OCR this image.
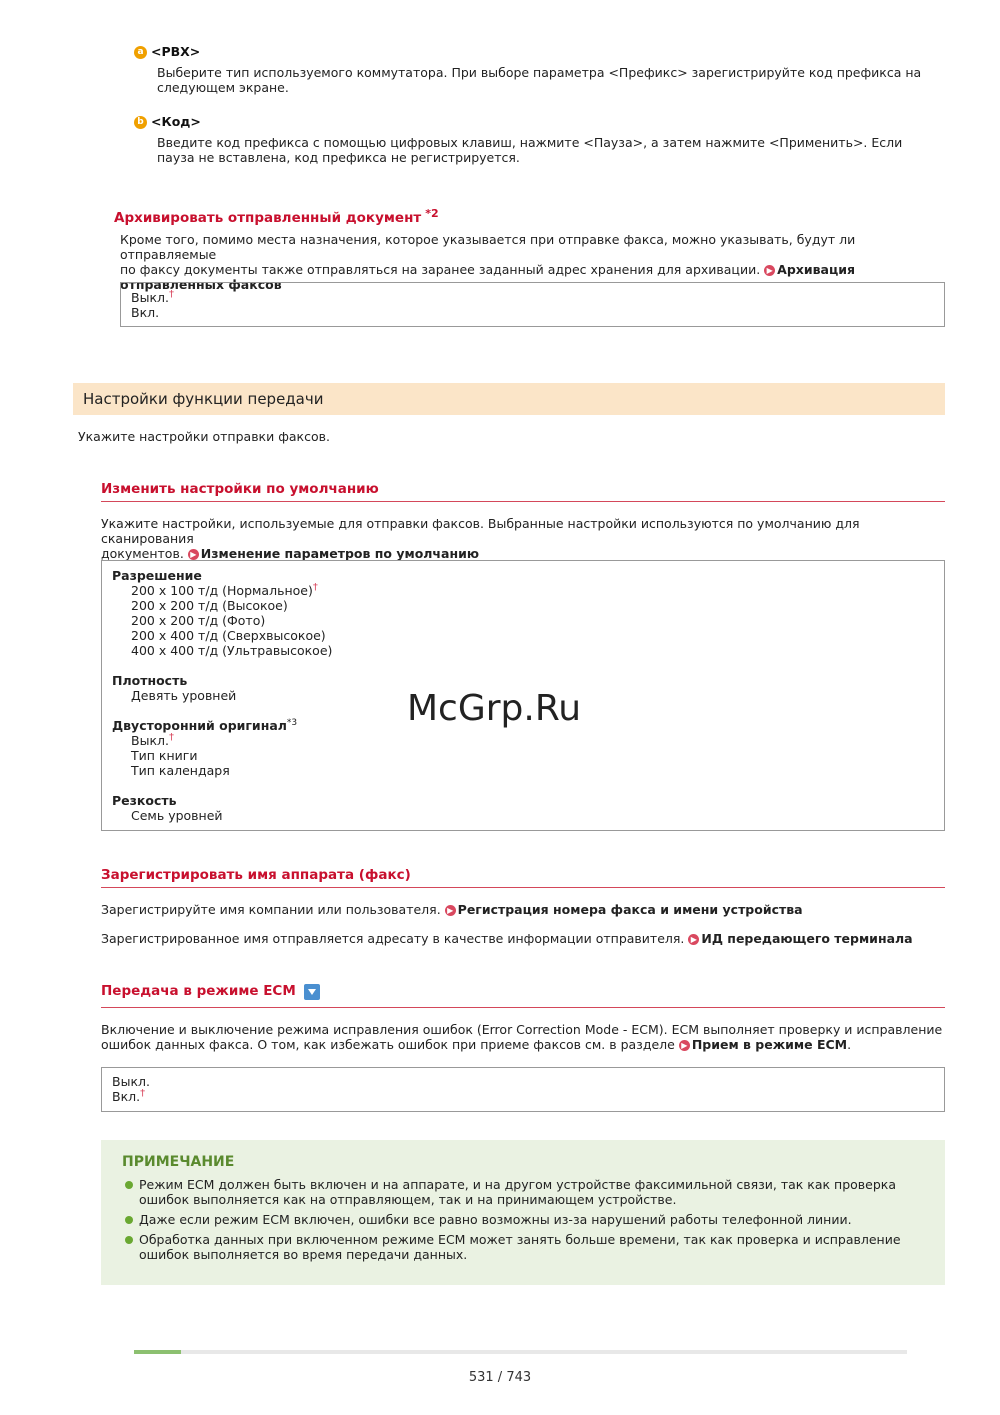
a <PBX>
Выберите тип используемого коммутатора. При выборе параметра <Префикс> зарегистрируйте код префикса на
следующем экране.
b <Код>
Введите код префикса с помощью цифровых клавиш, нажмите <Пауза>, а затем нажмите <Применить>. Если
пауза не вставлена, код префикса не регистрируется.
Архивировать отправленный документ *2
Кроме того, помимо места назначения, которое указывается при отправке факса, можно указывать, будут ли отправляемые
по факсу документы также отправляться на заранее заданный адрес хранения для архивации. ▶ Архивация
отправленных факсов
Выкл.†
Вкл.
Настройки функции передачи
Укажите настройки отправки факсов.
Изменить настройки по умолчанию
Укажите настройки, используемые для отправки факсов. Выбранные настройки используются по умолчанию для сканирования
документов. ▶ Изменение параметров по умолчанию
Разрешение
200 x 100 т/д (Нормальное)†
200 x 200 т/д (Высокое)
200 x 200 т/д (Фото)
200 x 400 т/д (Сверхвысокое)
400 x 400 т/д (Ультравысокое)
Плотность
Девять уровней
Двусторонний оригинал$^{*3}$
Выкл.†
Тип книги
Тип календаря
Резкость
Семь уровней
McGrp.Ru
Зарегистрировать имя аппарата (факс)
Зарегистрируйте имя компании или пользователя. ▶ Регистрация номера факса и имени устройства
Зарегистрированное имя отправляется адресату в качестве информации отправителя. ▶ ИД передающего терминала
Передача в режиме ECM
Включение и выключение режима исправления ошибок (Error Correction Mode - ECM). ECM выполняет проверку и исправление
ошибок данных факса. О том, как избежать ошибок при приеме факсов см. в разделе ▶ Прием в режиме ECM.
Выкл.
Вкл.†
ПРИМЕЧАНИЕ
Режим ECM должен быть включен и на аппарате, и на другом устройстве факсимильной связи, так как проверка
ошибок выполняется как на отправляющем, так и на принимающем устройстве.
Даже если режим ECM включен, ошибки все равно возможны из-за нарушений работы телефонной линии.
Обработка данных при включенном режиме ECM может занять больше времени, так как проверка и исправление
ошибок выполняется во время передачи данных.
531 / 743
